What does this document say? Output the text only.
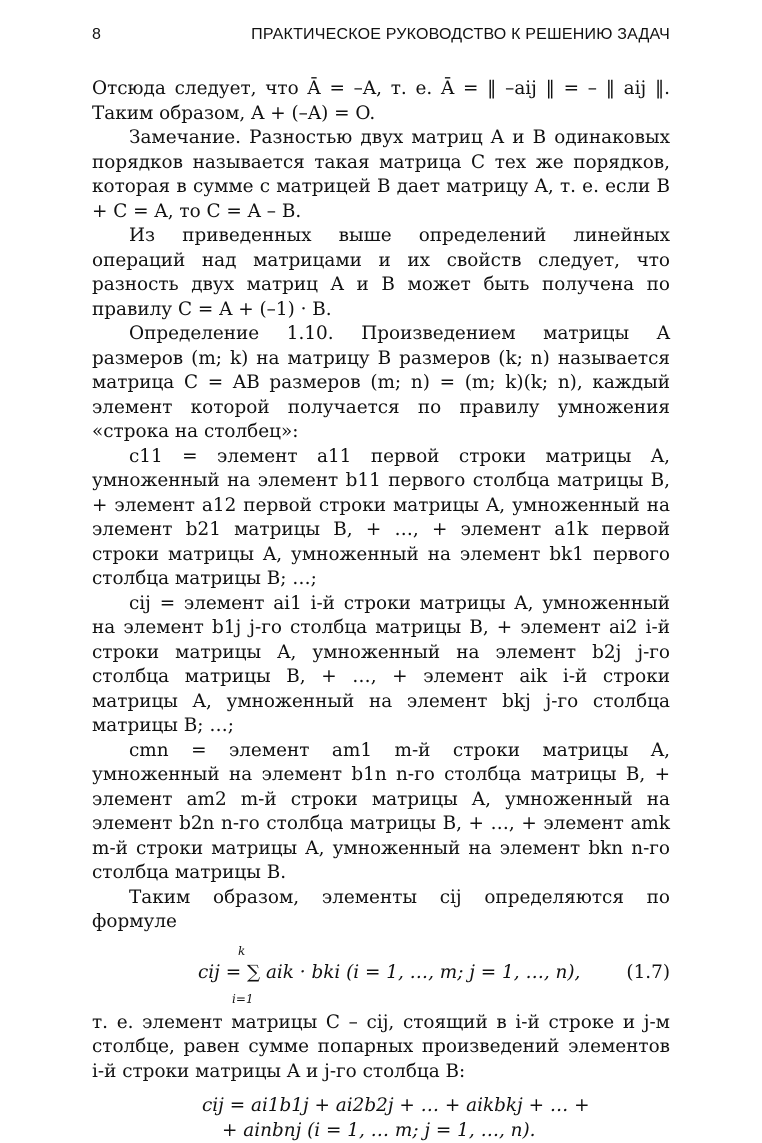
8	ПРАКТИЧЕСКОЕ РУКОВОДСТВО К РЕШЕНИЮ ЗАДАЧ

Отсюда следует, что Ā = –A, т. е. Ā = ‖ –aij ‖ = – ‖ aij ‖. Таким образом, A + (–A) = O.

Замечание. Разностью двух матриц A и B одинаковых порядков называется такая матрица C тех же порядков, которая в сумме с матрицей B дает матрицу A, т. е. если B + C = A, то C = A – B.

Из приведенных выше определений линейных операций над матрицами и их свойств следует, что разность двух матриц A и B может быть получена по правилу C = A + (–1) · B.

Определение 1.10. Произведением матрицы A размеров (m; k) на матрицу B размеров (k; n) называется матрица C = AB размеров (m; n) = (m; k)(k; n), каждый элемент которой получается по правилу умножения «строка на столбец»:

c11 = элемент a11 первой строки матрицы A, умноженный на элемент b11 первого столбца матрицы B, + элемент a12 первой строки матрицы A, умноженный на элемент b21 матрицы B, + …, + элемент a1k первой строки матрицы A, умноженный на элемент bk1 первого столбца матрицы B; …;

cij = элемент ai1 i-й строки матрицы A, умноженный на элемент b1j j-го столбца матрицы B, + элемент ai2 i-й строки матрицы A, умноженный на элемент b2j j-го столбца матрицы B, + …, + элемент aik i-й строки матрицы A, умноженный на элемент bkj j-го столбца матрицы B; …;

cmn = элемент am1 m-й строки матрицы A, умноженный на элемент b1n n-го столбца матрицы B, + элемент am2 m-й строки матрицы A, умноженный на элемент b2n n-го столбца матрицы B, + …, + элемент amk m-й строки матрицы A, умноженный на элемент bkn n-го столбца матрицы B.

Таким образом, элементы cij определяются по формуле

k
cij = ∑ aik · bki (i = 1, …, m; j = 1, …, n),
i=1
(1.7)

т. е. элемент матрицы C – cij, стоящий в i-й строке и j-м столбце, равен сумме попарных произведений элементов i-й строки матрицы A и j-го столбца B:

cij = ai1b1j + ai2b2j + … + aikbkj + … +
+ ainbnj (i = 1, … m; j = 1, …, n).
